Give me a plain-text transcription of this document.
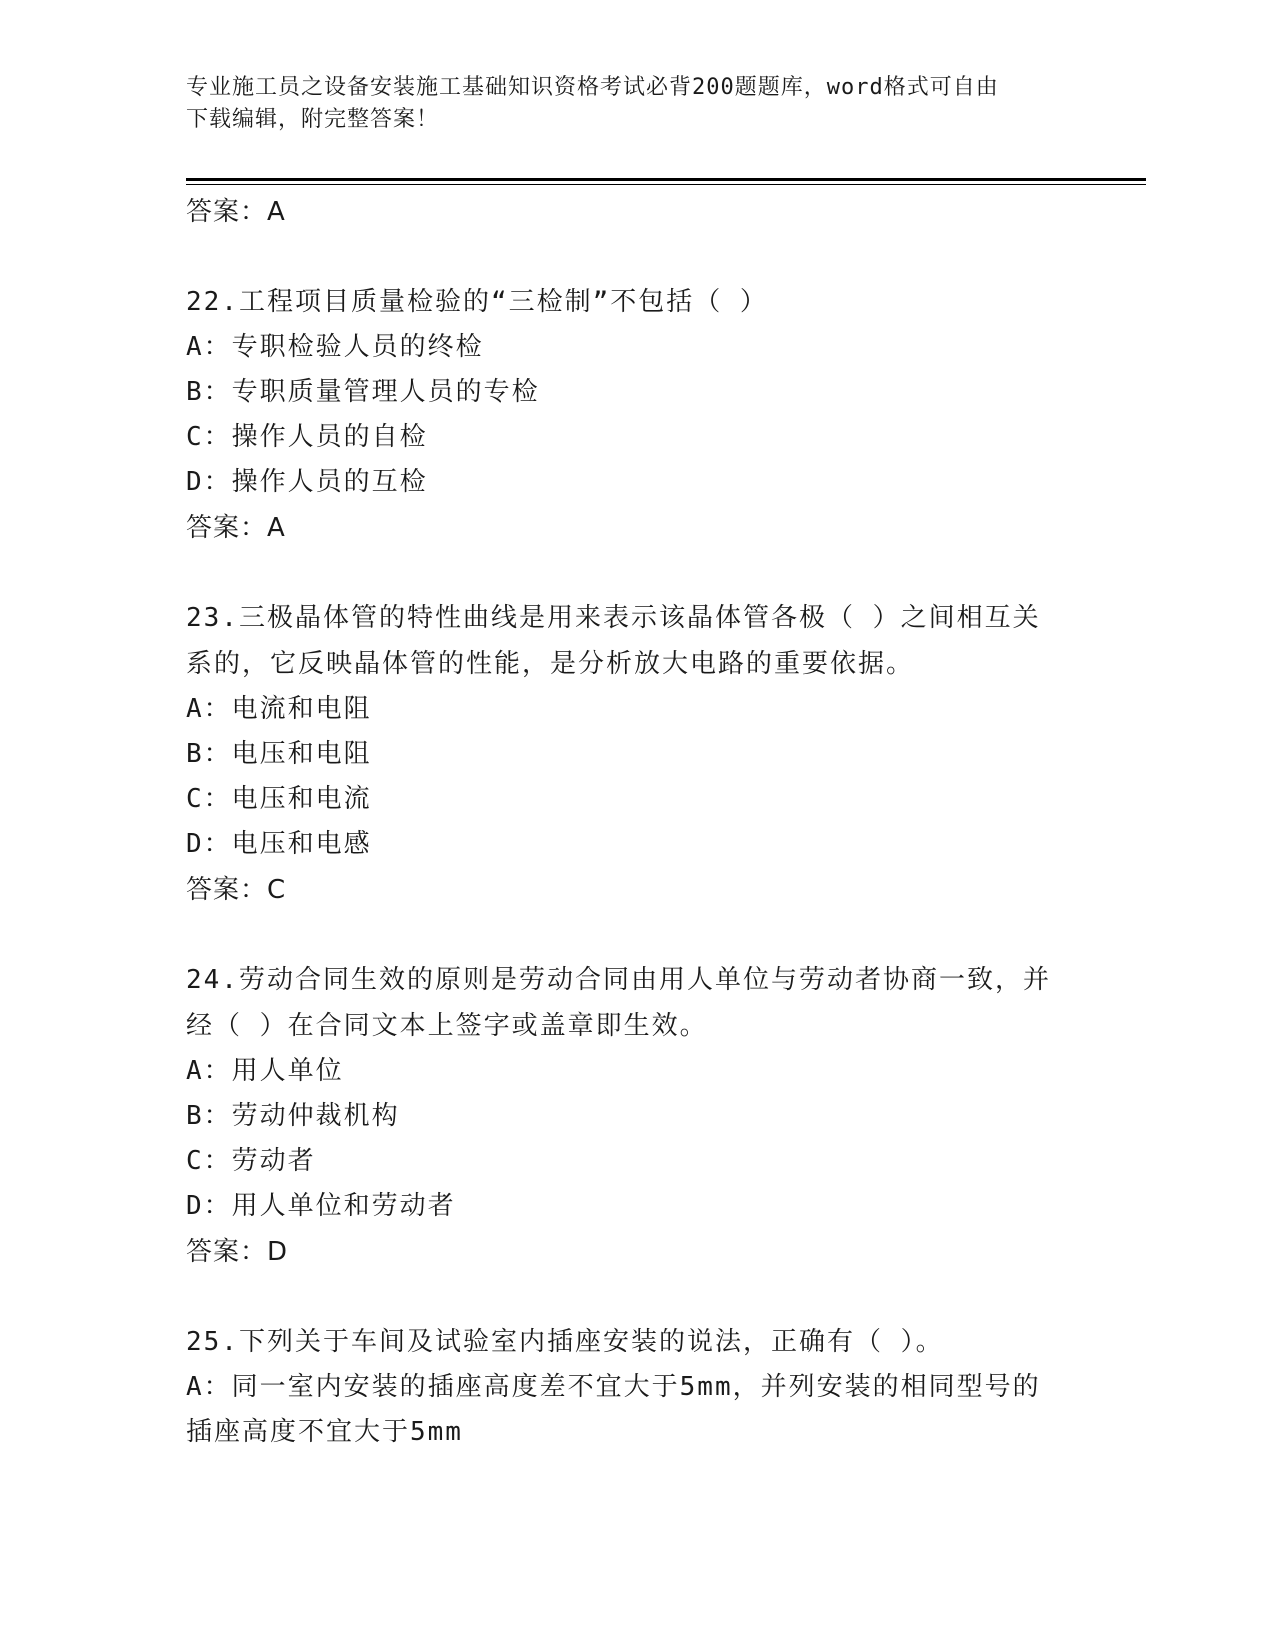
专业施工员之设备安装施工基础知识资格考试必背200题题库，word格式可自由
下载编辑，附完整答案！
答案：A
22.工程项目质量检验的“三检制”不包括（ ）
A：专职检验人员的终检
B：专职质量管理人员的专检
C：操作人员的自检
D：操作人员的互检
答案：A
23.三极晶体管的特性曲线是用来表示该晶体管各极（ ）之间相互关
系的，它反映晶体管的性能，是分析放大电路的重要依据。
A：电流和电阻
B：电压和电阻
C：电压和电流
D：电压和电感
答案：C
24.劳动合同生效的原则是劳动合同由用人单位与劳动者协商一致，并
经（ ）在合同文本上签字或盖章即生效。
A：用人单位
B：劳动仲裁机构
C：劳动者
D：用人单位和劳动者
答案：D
25.下列关于车间及试验室内插座安装的说法，正确有（ ）。
A：同一室内安装的插座高度差不宜大于5mm，并列安装的相同型号的
插座高度不宜大于5mm
